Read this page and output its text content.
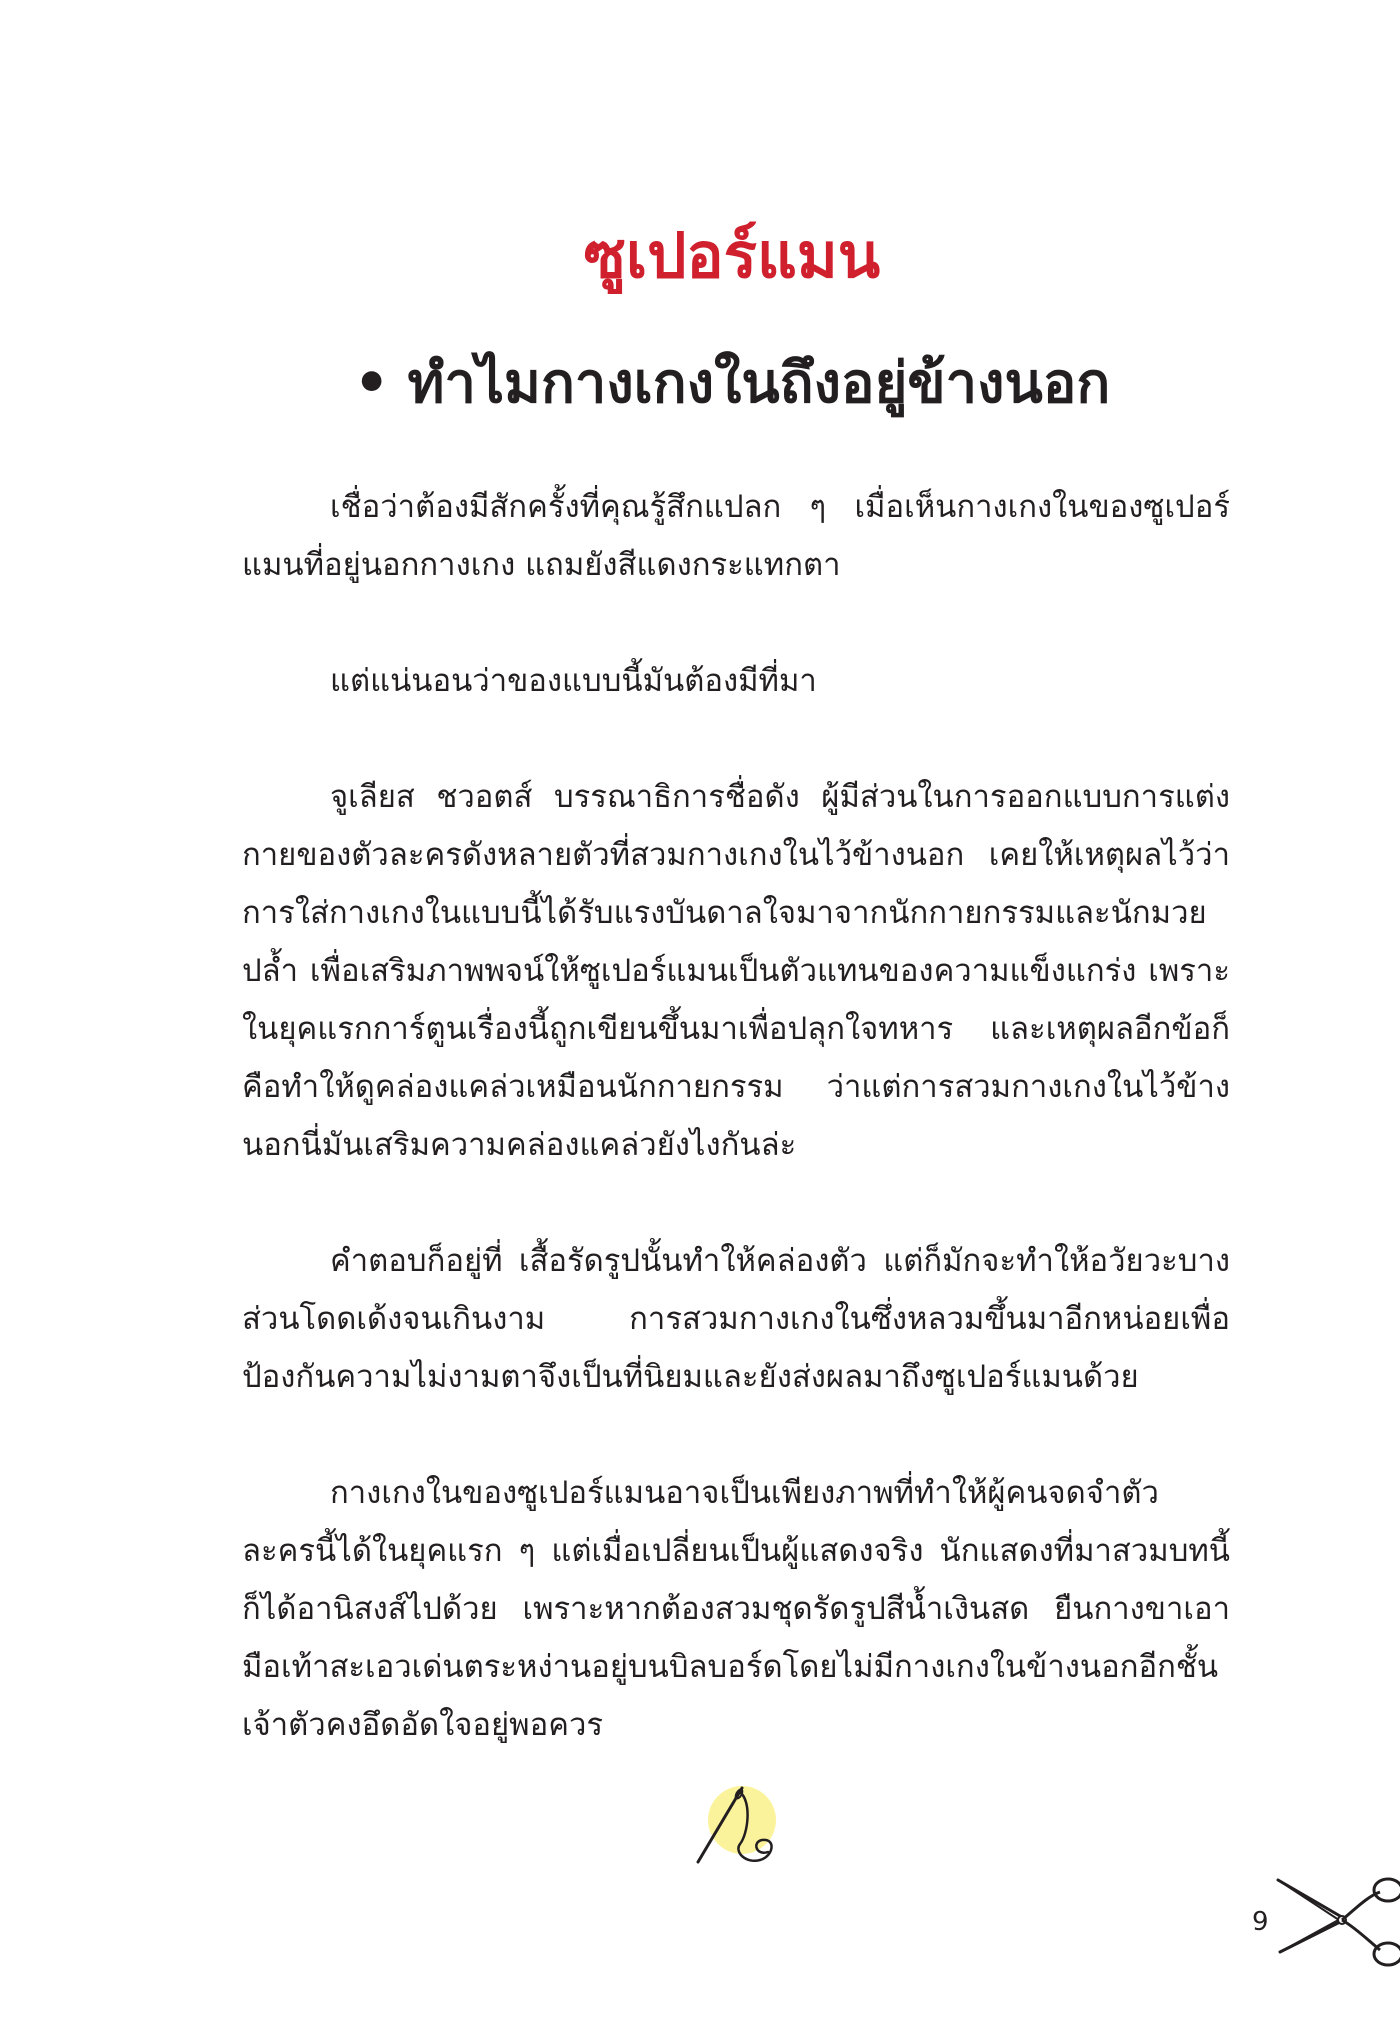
ซูเปอร์แมน
• ทำไมกางเกงในถึงอยู่ข้างนอก

เชื่อว่าต้องมีสักครั้งที่คุณรู้สึกแปลก ๆ เมื่อเห็นกางเกงในของซูเปอร์แมนที่อยู่นอกกางเกง แถมยังสีแดงกระแทกตา

แต่แน่นอนว่าของแบบนี้มันต้องมีที่มา

จูเลียส ชวอตส์ บรรณาธิการชื่อดัง ผู้มีส่วนในการออกแบบการแต่งกายของตัวละครดังหลายตัวที่สวมกางเกงในไว้ข้างนอก เคยให้เหตุผลไว้ว่า การใส่กางเกงในแบบนี้ได้รับแรงบันดาลใจมาจากนักกายกรรมและนักมวยปล้ำ เพื่อเสริมภาพพจน์ให้ซูเปอร์แมนเป็นตัวแทนของความแข็งแกร่ง เพราะในยุคแรกการ์ตูนเรื่องนี้ถูกเขียนขึ้นมาเพื่อปลุกใจทหาร และเหตุผลอีกข้อก็คือทำให้ดูคล่องแคล่วเหมือนนักกายกรรม ว่าแต่การสวมกางเกงในไว้ข้างนอกนี่มันเสริมความคล่องแคล่วยังไงกันล่ะ

คำตอบก็อยู่ที่ เสื้อรัดรูปนั้นทำให้คล่องตัว แต่ก็มักจะทำให้อวัยวะบางส่วนโดดเด้งจนเกินงาม การสวมกางเกงในซึ่งหลวมขึ้นมาอีกหน่อยเพื่อป้องกันความไม่งามตาจึงเป็นที่นิยมและยังส่งผลมาถึงซูเปอร์แมนด้วย

กางเกงในของซูเปอร์แมนอาจเป็นเพียงภาพที่ทำให้ผู้คนจดจำตัวละครนี้ได้ในยุคแรก ๆ แต่เมื่อเปลี่ยนเป็นผู้แสดงจริง นักแสดงที่มาสวมบทนี้ก็ได้อานิสงส์ไปด้วย เพราะหากต้องสวมชุดรัดรูปสีน้ำเงินสด ยืนกางขาเอามือเท้าสะเอวเด่นตระหง่านอยู่บนบิลบอร์ดโดยไม่มีกางเกงในข้างนอกอีกชั้น เจ้าตัวคงอึดอัดใจอยู่พอควร

9
